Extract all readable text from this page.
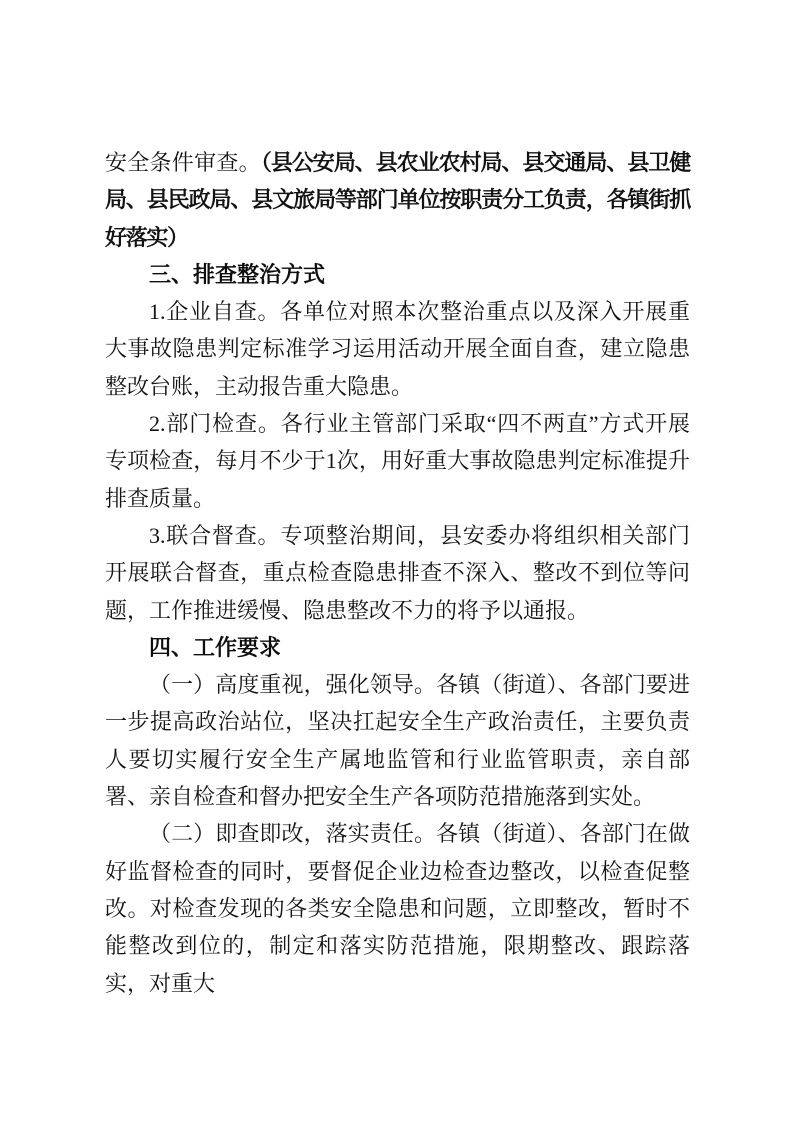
安全条件审查。（县公安局、县农业农村局、县交通局、县卫健局、县民政局、县文旅局等部门单位按职责分工负责，各镇街抓好落实）

三、排查整治方式

1.企业自查。各单位对照本次整治重点以及深入开展重大事故隐患判定标准学习运用活动开展全面自查，建立隐患整改台账，主动报告重大隐患。

2.部门检查。各行业主管部门采取“四不两直”方式开展专项检查，每月不少于1次，用好重大事故隐患判定标准提升排查质量。

3.联合督查。专项整治期间，县安委办将组织相关部门开展联合督查，重点检查隐患排查不深入、整改不到位等问题，工作推进缓慢、隐患整改不力的将予以通报。

四、工作要求

（一）高度重视，强化领导。各镇（街道）、各部门要进一步提高政治站位，坚决扛起安全生产政治责任，主要负责人要切实履行安全生产属地监管和行业监管职责，亲自部署、亲自检查和督办把安全生产各项防范措施落到实处。

（二）即查即改，落实责任。各镇（街道）、各部门在做好监督检查的同时，要督促企业边检查边整改，以检查促整改。对检查发现的各类安全隐患和问题，立即整改，暂时不能整改到位的，制定和落实防范措施，限期整改、跟踪落实，对重大
